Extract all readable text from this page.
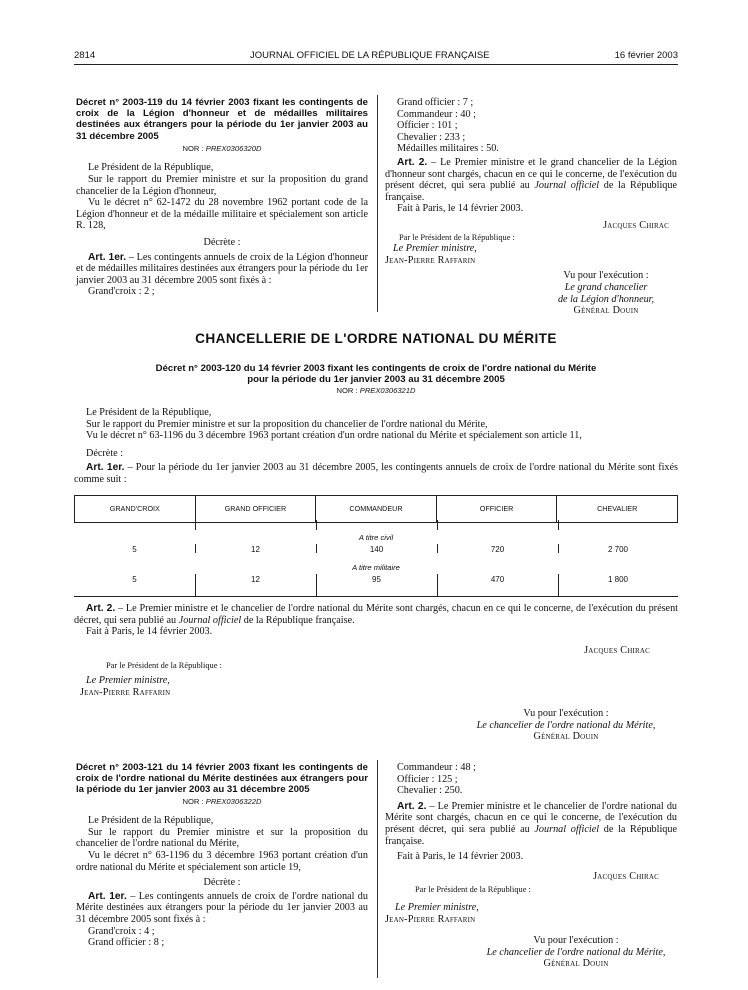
2814	JOURNAL OFFICIEL DE LA RÉPUBLIQUE FRANÇAISE	16 février 2003

Décret n° 2003-119 du 14 février 2003 fixant les contingents de croix de la Légion d'honneur et de médailles militaires destinées aux étrangers pour la période du 1er janvier 2003 au 31 décembre 2005

NOR : PREX0306320D

Le Président de la République,

Sur le rapport du Premier ministre et sur la proposition du grand chancelier de la Légion d'honneur,

Vu le décret n° 62-1472 du 28 novembre 1962 portant code de la Légion d'honneur et de la médaille militaire et spécialement son article R. 128,

Décrète :

Art. 1er. – Les contingents annuels de croix de la Légion d'honneur et de médailles militaires destinées aux étrangers pour la période du 1er janvier 2003 au 31 décembre 2005 sont fixés à :

Grand'croix : 2 ;

Grand officier : 7 ;

Commandeur : 40 ;

Officier : 101 ;

Chevalier : 233 ;

Médailles militaires : 50.

Art. 2. – Le Premier ministre et le grand chancelier de la Légion d'honneur sont chargés, chacun en ce qui le concerne, de l'exécution du présent décret, qui sera publié au Journal officiel de la République française.

Fait à Paris, le 14 février 2003.

Jacques Chirac

Par le Président de la République :

Le Premier ministre,

Jean-Pierre Raffarin

Vu pour l'exécution :

Le grand chancelier

de la Légion d'honneur,

Général Douin

CHANCELLERIE DE L'ORDRE NATIONAL DU MÉRITE

Décret n° 2003-120 du 14 février 2003 fixant les contingents de croix de l'ordre national du Mérite

pour la période du 1er janvier 2003 au 31 décembre 2005

NOR : PREX0306321D

Le Président de la République,

Sur le rapport du Premier ministre et sur la proposition du chancelier de l'ordre national du Mérite,

Vu le décret n° 63-1196 du 3 décembre 1963 portant création d'un ordre national du Mérite et spécialement son article 11,

Décrète :

Art. 1er. – Pour la période du 1er janvier 2003 au 31 décembre 2005, les contingents annuels de croix de l'ordre national du Mérite sont fixés comme suit :

GRAND'CROIX	GRAND OFFICIER	COMMANDEUR	OFFICIER	CHEVALIER
A titre civil
5	12	140	720	2 700
A titre militaire
5	12	95	470	1 800

Art. 2. – Le Premier ministre et le chancelier de l'ordre national du Mérite sont chargés, chacun en ce qui le concerne, de l'exécution du présent décret, qui sera publié au Journal officiel de la République française.

Fait à Paris, le 14 février 2003.

Jacques Chirac

Par le Président de la République :

Le Premier ministre,

Jean-Pierre Raffarin

Vu pour l'exécution :

Le chancelier de l'ordre national du Mérite,

Général Douin

Décret n° 2003-121 du 14 février 2003 fixant les contingents de croix de l'ordre national du Mérite destinées aux étrangers pour la période du 1er janvier 2003 au 31 décembre 2005

NOR : PREX0306322D

Le Président de la République,

Sur le rapport du Premier ministre et sur la proposition du chancelier de l'ordre national du Mérite,

Vu le décret n° 63-1196 du 3 décembre 1963 portant création d'un ordre national du Mérite et spécialement son article 19,

Décrète :

Art. 1er. – Les contingents annuels de croix de l'ordre national du Mérite destinées aux étrangers pour la période du 1er janvier 2003 au 31 décembre 2005 sont fixés à :

Grand'croix : 4 ;

Grand officier : 8 ;

Commandeur : 48 ;

Officier : 125 ;

Chevalier : 250.

Art. 2. – Le Premier ministre et le chancelier de l'ordre national du Mérite sont chargés, chacun en ce qui le concerne, de l'exécution du présent décret, qui sera publié au Journal officiel de la République française.

Fait à Paris, le 14 février 2003.

Jacques Chirac

Par le Président de la République :

Le Premier ministre,

Jean-Pierre Raffarin

Vu pour l'exécution :

Le chancelier de l'ordre national du Mérite,

Général Douin
